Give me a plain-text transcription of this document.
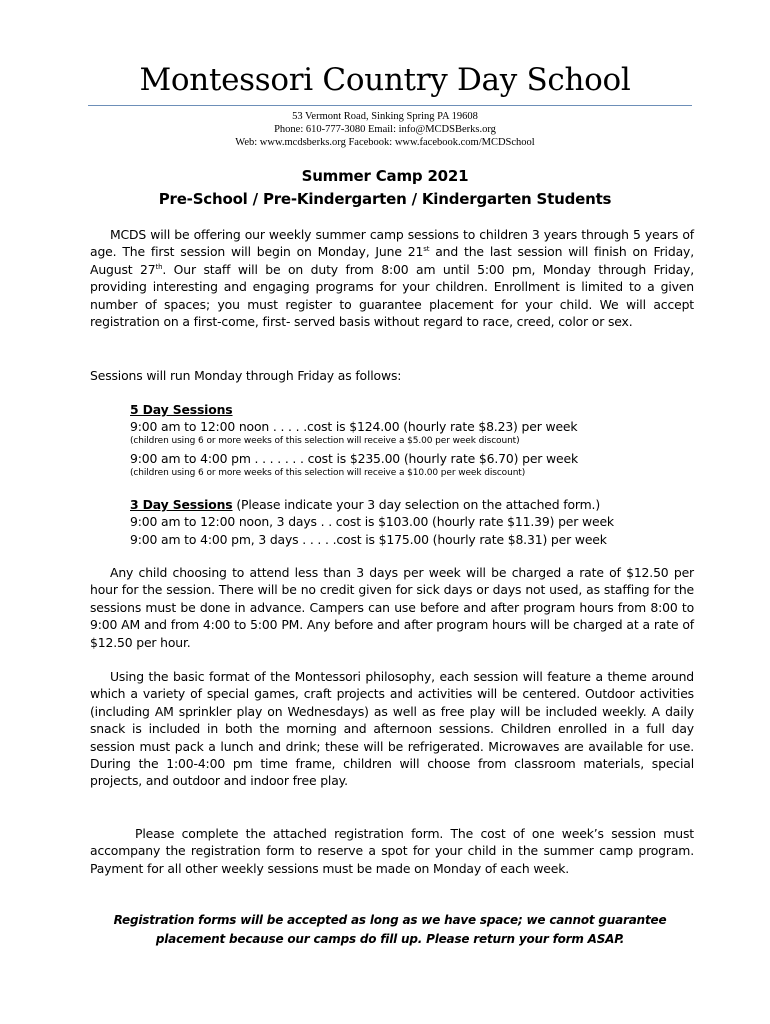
Montessori Country Day School
53 Vermont Road, Sinking Spring PA 19608
Phone: 610-777-3080 Email: info@MCDSBerks.org
Web: www.mcdsberks.org Facebook: www.facebook.com/MCDSchool
Summer Camp 2021
Pre-School / Pre-Kindergarten / Kindergarten Students
MCDS will be offering our weekly summer camp sessions to children 3 years through 5 years of age. The first session will begin on Monday, June 21st and the last session will finish on Friday, August 27th. Our staff will be on duty from 8:00 am until 5:00 pm, Monday through Friday, providing interesting and engaging programs for your children. Enrollment is limited to a given number of spaces; you must register to guarantee placement for your child. We will accept registration on a first-come, first- served basis without regard to race, creed, color or sex.
Sessions will run Monday through Friday as follows:
5 Day Sessions
9:00 am to 12:00 noon . . . . .cost is $124.00 (hourly rate $8.23) per week
(children using 6 or more weeks of this selection will receive a $5.00 per week discount)
9:00 am to 4:00 pm . . . . . . . cost is $235.00 (hourly rate $6.70) per week
(children using 6 or more weeks of this selection will receive a $10.00 per week discount)
3 Day Sessions (Please indicate your 3 day selection on the attached form.)
9:00 am to 12:00 noon, 3 days . . cost is $103.00 (hourly rate $11.39) per week
9:00 am to 4:00 pm, 3 days . . . . .cost is $175.00 (hourly rate $8.31) per week
Any child choosing to attend less than 3 days per week will be charged a rate of $12.50 per hour for the session. There will be no credit given for sick days or days not used, as staffing for the sessions must be done in advance. Campers can use before and after program hours from 8:00 to 9:00 AM and from 4:00 to 5:00 PM. Any before and after program hours will be charged at a rate of $12.50 per hour.
Using the basic format of the Montessori philosophy, each session will feature a theme around which a variety of special games, craft projects and activities will be centered. Outdoor activities (including AM sprinkler play on Wednesdays) as well as free play will be included weekly. A daily snack is included in both the morning and afternoon sessions. Children enrolled in a full day session must pack a lunch and drink; these will be refrigerated. Microwaves are available for use. During the 1:00-4:00 pm time frame, children will choose from classroom materials, special projects, and outdoor and indoor free play.
Please complete the attached registration form. The cost of one week’s session must accompany the registration form to reserve a spot for your child in the summer camp program. Payment for all other weekly sessions must be made on Monday of each week.
Registration forms will be accepted as long as we have space; we cannot guarantee
placement because our camps do fill up. Please return your form ASAP.
